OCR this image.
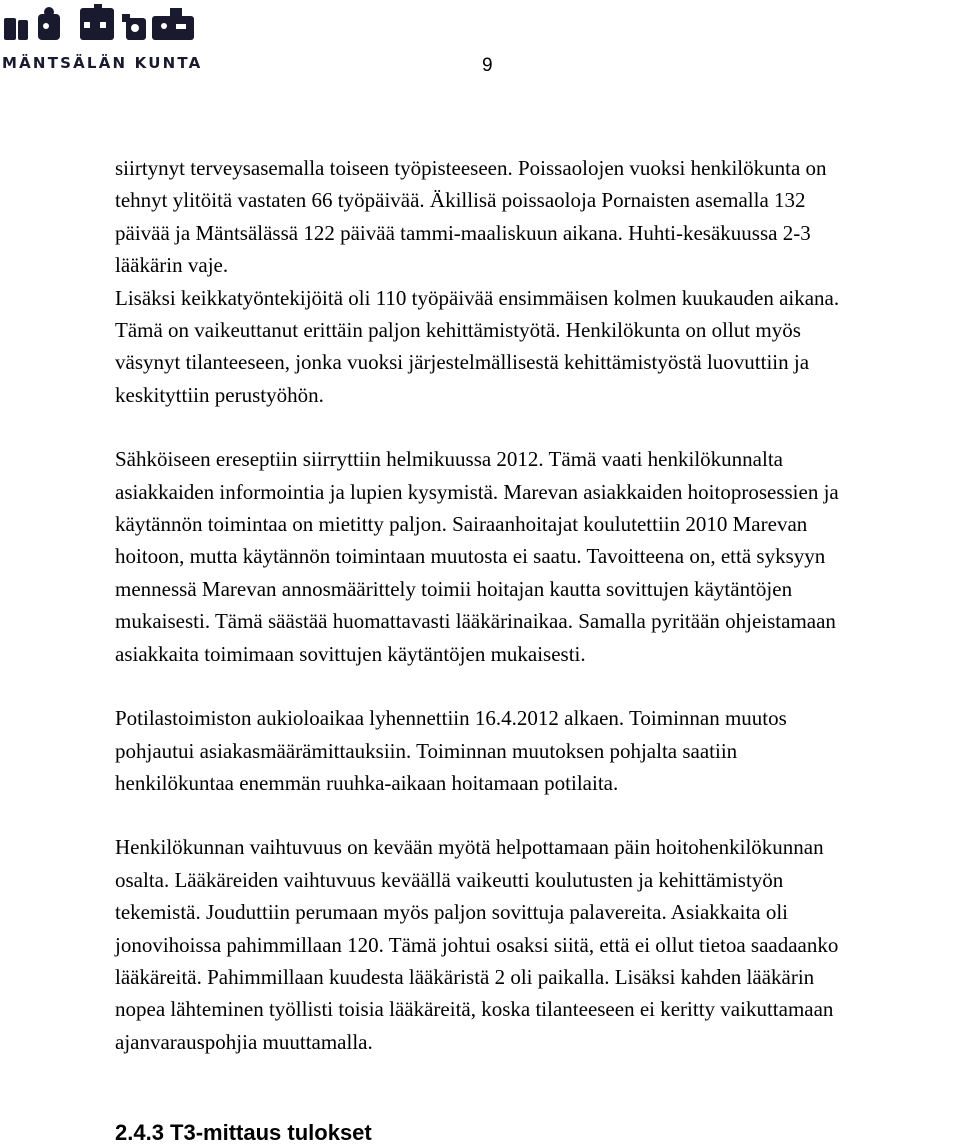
MÄNTSÄLÄN KUNTA	9

siirtynyt terveysasemalla toiseen työpisteeseen. Poissaolojen vuoksi henkilökunta on
tehnyt ylitöitä vastaten 66 työpäivää. Äkillisä poissaoloja Pornaisten asemalla 132
päivää ja Mäntsälässä 122 päivää tammi-maaliskuun aikana. Huhti-kesäkuussa 2-3
lääkärin vaje.
Lisäksi keikkatyöntekijöitä oli 110 työpäivää ensimmäisen kolmen kuukauden aikana.
Tämä on vaikeuttanut erittäin paljon kehittämistyötä. Henkilökunta on ollut myös
väsynyt tilanteeseen, jonka vuoksi järjestelmällisestä kehittämistyöstä luovuttiin ja
keskityttiin perustyöhön.

Sähköiseen ereseptiin siirryttiin helmikuussa 2012. Tämä vaati henkilökunnalta
asiakkaiden informointia ja lupien kysymistä. Marevan asiakkaiden hoitoprosessien ja
käytännön toimintaa on mietitty paljon. Sairaanhoitajat koulutettiin 2010 Marevan
hoitoon, mutta käytännön toimintaan muutosta ei saatu. Tavoitteena on, että syksyyn
mennessä Marevan annosmäärittely toimii hoitajan kautta sovittujen käytäntöjen
mukaisesti. Tämä säästää huomattavasti lääkärinaikaa. Samalla pyritään ohjeistamaan
asiakkaita toimimaan sovittujen käytäntöjen mukaisesti.

Potilastoimiston aukioloaikaa lyhennettiin 16.4.2012 alkaen. Toiminnan muutos
pohjautui asiakasmäärämittauksiin. Toiminnan muutoksen pohjalta saatiin
henkilökuntaa enemmän ruuhka-aikaan hoitamaan potilaita.

Henkilökunnan vaihtuvuus on kevään myötä helpottamaan päin hoitohenkilökunnan
osalta. Lääkäreiden vaihtuvuus keväällä vaikeutti koulutusten ja kehittämistyön
tekemistä. Jouduttiin perumaan myös paljon sovittuja palavereita. Asiakkaita oli
jonovihoissa pahimmillaan 120. Tämä johtui osaksi siitä, että ei ollut tietoa saadaanko
lääkäreitä. Pahimmillaan kuudesta lääkäristä 2 oli paikalla. Lisäksi kahden lääkärin
nopea lähteminen työllisti toisia lääkäreitä, koska tilanteeseen ei keritty vaikuttamaan
ajanvarauspohjia muuttamalla.

2.4.3 T3-mittaus tulokset
